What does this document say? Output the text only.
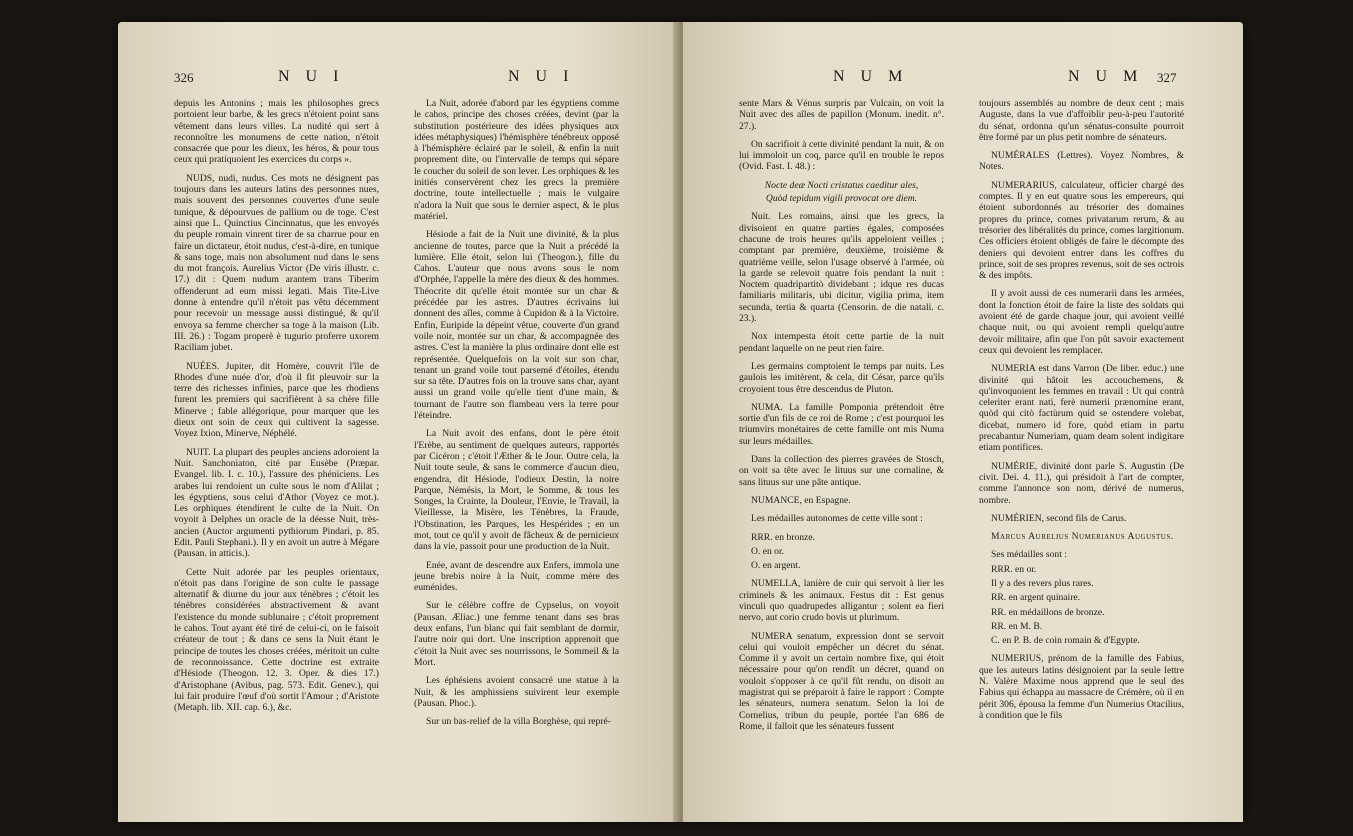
326	N U I	N U I

depuis les Antonins ; mais les philosophes grecs portoient leur barbe, & les grecs n'étoient point sans vêtement dans leurs villes. La nudité qui sert à reconnoître les monumens de cette nation, n'étoit consacrée que pour les dieux, les héros, & pour tous ceux qui pratiquoient les exercices du corps ».

NUDS, nudi, nudus. Ces mots ne désignent pas toujours dans les auteurs latins des personnes nues, mais souvent des personnes couvertes d'une seule tunique, & dépourvues de pallium ou de toge. C'est ainsi que L. Quinctius Cincinnatus, que les envoyés du peuple romain vinrent tirer de sa charrue pour en faire un dictateur, étoit nudus, c'est-à-dire, en tunique & sans toge, mais non absolument nud dans le sens du mot françois. Aurelius Victor (De viris illustr. c. 17.) dit : Quem nudum arantem trans Tiberim offenderunt ad eum missi legati. Mais Tite-Live donne à entendre qu'il n'étoit pas vêtu décemment pour recevoir un message aussi distingué, & qu'il envoya sa femme chercher sa toge à la maison (Lib. III. 26.) : Togam properè è tugurio proferre uxorem Raciliam jubet.

NUÉES. Jupiter, dit Homère, couvrit l'île de Rhodes d'une nuée d'or, d'où il fit pleuvoir sur la terre des richesses infinies, parce que les rhodiens furent les premiers qui sacrifièrent à sa chère fille Minerve ; fable allégorique, pour marquer que les dieux ont soin de ceux qui cultivent la sagesse. Voyez Ixion, Minerve, Néphélé.

NUIT. La plupart des peuples anciens adoroient la Nuit. Sanchoniaton, cité par Eusèbe (Præpar. Evangel. lib. I. c. 10.), l'assure des phéniciens. Les arabes lui rendoient un culte sous le nom d'Alilat ; les égyptiens, sous celui d'Athor (Voyez ce mot.). Les orphiques étendirent le culte de la Nuit. On voyoit à Delphes un oracle de la déesse Nuit, très-ancien (Auctor argumenti pythiorum Pindari, p. 85. Edit. Pauli Stephani.). Il y en avoit un autre à Mégare (Pausan. in atticis.).

Cette Nuit adorée par les peuples orientaux, n'étoit pas dans l'origine de son culte le passage alternatif & diurne du jour aux ténèbres ; c'étoit les ténèbres considérées abstractivement & avant l'existence du monde sublunaire ; c'étoit proprement le cahos. Tout ayant été tiré de celui-ci, on le faisoit créateur de tout ; & dans ce sens la Nuit étant le principe de toutes les choses créées, méritoit un culte de reconnoissance. Cette doctrine est extraite d'Hésiode (Theogon. 12. 3. Oper. & dies 17.) d'Aristophane (Avibus, pag. 573. Edit. Genev.), qui lui fait produire l'œuf d'où sortit l'Amour ; d'Aristote (Metaph. lib. XII. cap. 6.), &c.

La Nuit, adorée d'abord par les égyptiens comme le cahos, principe des choses créées, devint (par la substitution postérieure des idées physiques aux idées métaphysiques) l'hémisphère ténébreux opposé à l'hémisphère éclairé par le soleil, & enfin la nuit proprement dite, ou l'intervalle de temps qui sépare le coucher du soleil de son lever. Les orphiques & les initiés conservèrent chez les grecs la première doctrine, toute intellectuelle ; mais le vulgaire n'adora la Nuit que sous le dernier aspect, & le plus matériel.

Hésiode a fait de la Nuit une divinité, & la plus ancienne de toutes, parce que la Nuit a précédé la lumière. Elle étoit, selon lui (Theogon.), fille du Cahos. L'auteur que nous avons sous le nom d'Orphée, l'appelle la mère des dieux & des hommes. Théocrite dit qu'elle étoit montée sur un char & précédée par les astres. D'autres écrivains lui donnent des aîles, comme à Cupidon & à la Victoire. Enfin, Euripide la dépeint vêtue, couverte d'un grand voile noir, montée sur un char, & accompagnée des astres. C'est la manière la plus ordinaire dont elle est représentée. Quelquefois on la voit sur son char, tenant un grand voile tout parsemé d'étoiles, étendu sur sa tête. D'autres fois on la trouve sans char, ayant aussi un grand voile qu'elle tient d'une main, & tournant de l'autre son flambeau vers la terre pour l'éteindre.

La Nuit avoit des enfans, dont le père étoit l'Erèbe, au sentiment de quelques auteurs, rapportés par Cicéron ; c'étoit l'Æther & le Jour. Outre cela, la Nuit toute seule, & sans le commerce d'aucun dieu, engendra, dit Hésiode, l'odieux Destin, la noire Parque, Némésis, la Mort, le Somme, & tous les Songes, la Crainte, la Douleur, l'Envie, le Travail, la Vieillesse, la Misère, les Ténèbres, la Fraude, l'Obstination, les Parques, les Hespérides ; en un mot, tout ce qu'il y avoit de fâcheux & de pernicieux dans la vie, passoit pour une production de la Nuit.

Enée, avant de descendre aux Enfers, immola une jeune brebis noire à la Nuit, comme mère des euménides.

Sur le célèbre coffre de Cypselus, on voyoit (Pausan. Æliac.) une femme tenant dans ses bras deux enfans, l'un blanc qui fait semblant de dormir, l'autre noir qui dort. Une inscription apprenoit que c'étoit la Nuit avec ses nourrissons, le Sommeil & la Mort.

Les éphésiens avoient consacré une statue à la Nuit, & les amphissiens suivirent leur exemple (Pausan. Phoc.).

Sur un bas-relief de la villa Borghèse, qui repré-

N U M	N U M 327

sente Mars & Vénus surpris par Vulcain, on voit la Nuit avec des aîles de papillon (Monum. inedit. n°. 27.).

On sacrifioit à cette divinité pendant la nuit, & on lui immoloit un coq, parce qu'il en trouble le repos (Ovid. Fast. I. 48.) :

Nocte deæ Nocti cristatus caeditur ales,

Quòd tepidum vigili provocat ore diem.

Nuit. Les romains, ainsi que les grecs, la divisoient en quatre parties égales, composées chacune de trois heures qu'ils appeloient veilles ; comptant par première, deuxième, troisième & quatrième veille, selon l'usage observé à l'armée, où la garde se relevoit quatre fois pendant la nuit : Noctem quadripartitò dividebant ; idque res ducas familiaris militaris, ubi dicitur, vigilia prima, item secunda, tertia & quarta (Censorin. de die natali. c. 23.).

Nox intempesta étoit cette partie de la nuit pendant laquelle on ne peut rien faire.

Les germains comptoient le temps par nuits. Les gaulois les imitèrent, & cela, dit César, parce qu'ils croyoient tous être descendus de Pluton.

NUMA. La famille Pomponia prétendoit être sortie d'un fils de ce roi de Rome ; c'est pourquoi les triumvirs monétaires de cette famille ont mis Numa sur leurs médailles.

Dans la collection des pierres gravées de Stosch, on voit sa tête avec le lituus sur une cornaline, & sans lituus sur une pâte antique.

NUMANCE, en Espagne.

Les médailles autonomes de cette ville sont :

RRR. en bronze.

O. en or.

O. en argent.

NUMELLA, lanière de cuir qui servoit à lier les criminels & les animaux. Festus dit : Est genus vinculi quo quadrupedes alligantur ; solent ea fieri nervo, aut corio crudo bovis ut plurimum.

NUMERA senatum, expression dont se servoit celui qui vouloit empêcher un décret du sénat. Comme il y avoit un certain nombre fixe, qui étoit nécessaire pour qu'on rendît un décret, quand on vouloit s'opposer à ce qu'il fût rendu, on disoit au magistrat qui se préparoit à faire le rapport : Compte les sénateurs, numera senatum. Selon la loi de Cornelius, tribun du peuple, portée l'an 686 de Rome, il falloit que les sénateurs fussent

toujours assemblés au nombre de deux cent ; mais Auguste, dans la vue d'affoiblir peu-à-peu l'autorité du sénat, ordonna qu'un sénatus-consulte pourroit être formé par un plus petit nombre de sénateurs.

NUMÉRALES (Lettres). Voyez Nombres, & Notes.

NUMERARIUS, calculateur, officier chargé des comptes. Il y en eut quatre sous les empereurs, qui étoient subordonnés au trésorier des domaines propres du prince, comes privatarum rerum, & au trésorier des libéralités du prince, comes largitionum. Ces officiers étoient obligés de faire le décompte des deniers qui devoient entrer dans les coffres du prince, soit de ses propres revenus, soit de ses octrois & des impôts.

Il y avoit aussi de ces numerarii dans les armées, dont la fonction étoit de faire la liste des soldats qui avoient été de garde chaque jour, qui avoient veillé chaque nuit, ou qui avoient rempli quelqu'autre devoir militaire, afin que l'on pût savoir exactement ceux qui devoient les remplacer.

NUMERIA est dans Varron (De liber. educ.) une divinité qui hâtoit les accouchemens, & qu'invoquoient les femmes en travail : Ut qui contrà celeriter erant nati, ferè numerii prænomine erant, quòd qui citò factùrum quid se ostendere volebat, dicebat, numero id fore, quòd etiam in partu precabantur Numeriam, quam deam solent indigitare etiam pontifices.

NUMÉRIE, divinité dont parle S. Augustin (De civit. Dei. 4. 11.), qui présidoit à l'art de compter, comme l'annonce son nom, dérivé de numerus, nombre.

NUMÉRIEN, second fils de Carus.

Marcus Aurelius Numerianus Augustus.

Ses médailles sont :

RRR. en or.

Il y a des revers plus rares.

RR. en argent quinaire.

RR. en médaillons de bronze.

RR. en M. B.

C. en P. B. de coin romain & d'Egypte.

NUMERIUS, prénom de la famille des Fabius, que les auteurs latins désignoient par la seule lettre N. Valère Maxime nous apprend que le seul des Fabius qui échappa au massacre de Crémère, où il en périt 306, épousa la femme d'un Numerius Otacilius, à condition que le fils
